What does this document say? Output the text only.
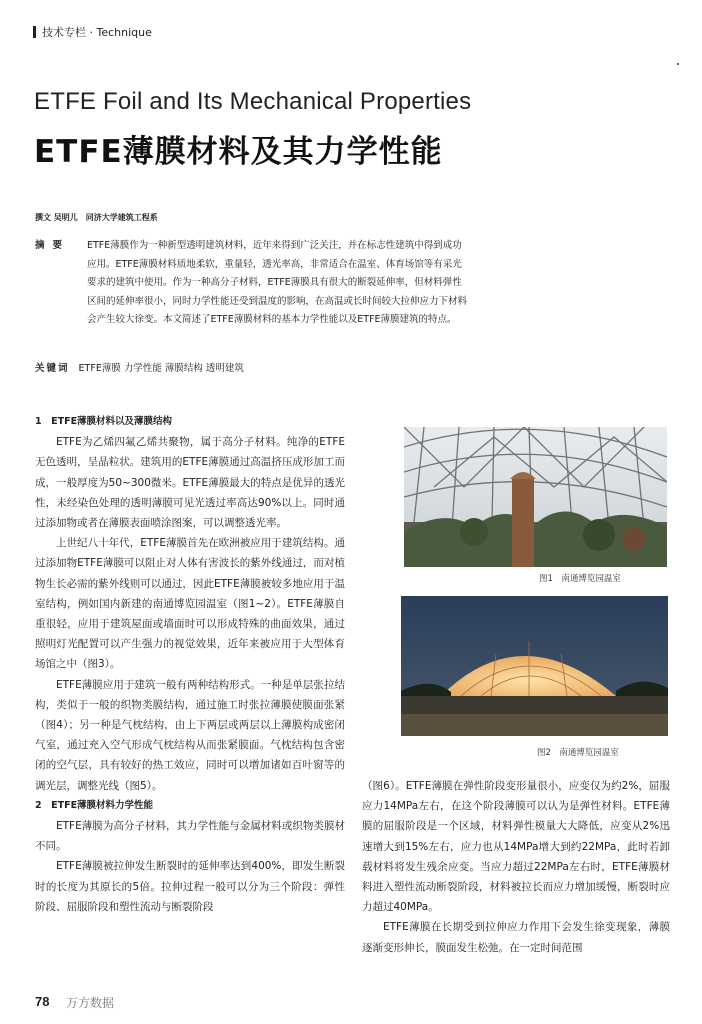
技术专栏 · Technique
ETFE Foil and Its Mechanical Properties
ETFE薄膜材料及其力学性能
撰文 吴明儿　同济大学建筑工程系
摘要 ETFE薄膜作为一种新型透明建筑材料，近年来得到广泛关注，并在标志性建筑中得到成功应用。ETFE薄膜材料质地柔软，重量轻，透光率高，非常适合在温室、体育场馆等有采光要求的建筑中使用。作为一种高分子材料，ETFE薄膜具有很大的断裂延伸率，但材料弹性区间的延伸率很小，同时力学性能还受到温度的影响，在高温或长时间较大拉伸应力下材料会产生较大徐变。本文简述了ETFE薄膜材料的基本力学性能以及ETFE薄膜建筑的特点。
关键词 ETFE薄膜 力学性能 薄膜结构 透明建筑
1　ETFE薄膜材料以及薄膜结构

ETFE为乙烯四氟乙烯共聚物，属于高分子材料。纯净的ETFE无色透明，呈晶粒状。建筑用的ETFE薄膜通过高温挤压成形加工而成，一般厚度为50~300微米。ETFE薄膜最大的特点是优异的透光性，未经染色处理的透明薄膜可见光透过率高达90%以上。同时通过添加物或者在薄膜表面喷涂图案，可以调整透光率。

上世纪八十年代，ETFE薄膜首先在欧洲被应用于建筑结构。通过添加物ETFE薄膜可以阻止对人体有害波长的紫外线通过，而对植物生长必需的紫外线则可以通过，因此ETFE薄膜被较多地应用于温室结构，例如国内新建的南通博览园温室（图1~2）。ETFE薄膜自重很轻，应用于建筑屋面或墙面时可以形成特殊的曲面效果，通过照明灯光配置可以产生强力的视觉效果，近年来被应用于大型体育场馆之中（图3）。

ETFE薄膜应用于建筑一般有两种结构形式。一种是单层张拉结构，类似于一般的织物类膜结构，通过施工时张拉薄膜使膜面张紧（图4）；另一种是气枕结构，由上下两层或两层以上薄膜构成密闭气室，通过充入空气形成气枕结构从而张紧膜面。气枕结构包含密闭的空气层，具有较好的热工效应，同时可以增加诸如百叶窗等的调光层，调整光线（图5）。

2　ETFE薄膜材料力学性能

ETFE薄膜为高分子材料，其力学性能与金属材料或织物类膜材不同。

ETFE薄膜被拉伸发生断裂时的延伸率达到400%，即发生断裂时的长度为其原长的5倍。拉伸过程一般可以分为三个阶段：弹性阶段、屈服阶段和塑性流动与断裂阶段

图1　南通博览园温室
图2　南通博览园温室

（图6）。ETFE薄膜在弹性阶段变形量很小，应变仅为约2%，屈服应力14MPa左右，在这个阶段薄膜可以认为是弹性材料。ETFE薄膜的屈服阶段是一个区域，材料弹性模量大大降低，应变从2%迅速增大到15%左右，应力也从14MPa增大到约22MPa，此时若卸载材料将发生残余应变。当应力超过22MPa左右时，ETFE薄膜材料进入塑性流动断裂阶段，材料被拉长而应力增加缓慢，断裂时应力超过40MPa。

ETFE薄膜在长期受到拉伸应力作用下会发生徐变现象，薄膜逐渐变形伸长，膜面发生松弛。在一定时间范围

78 万方数据
